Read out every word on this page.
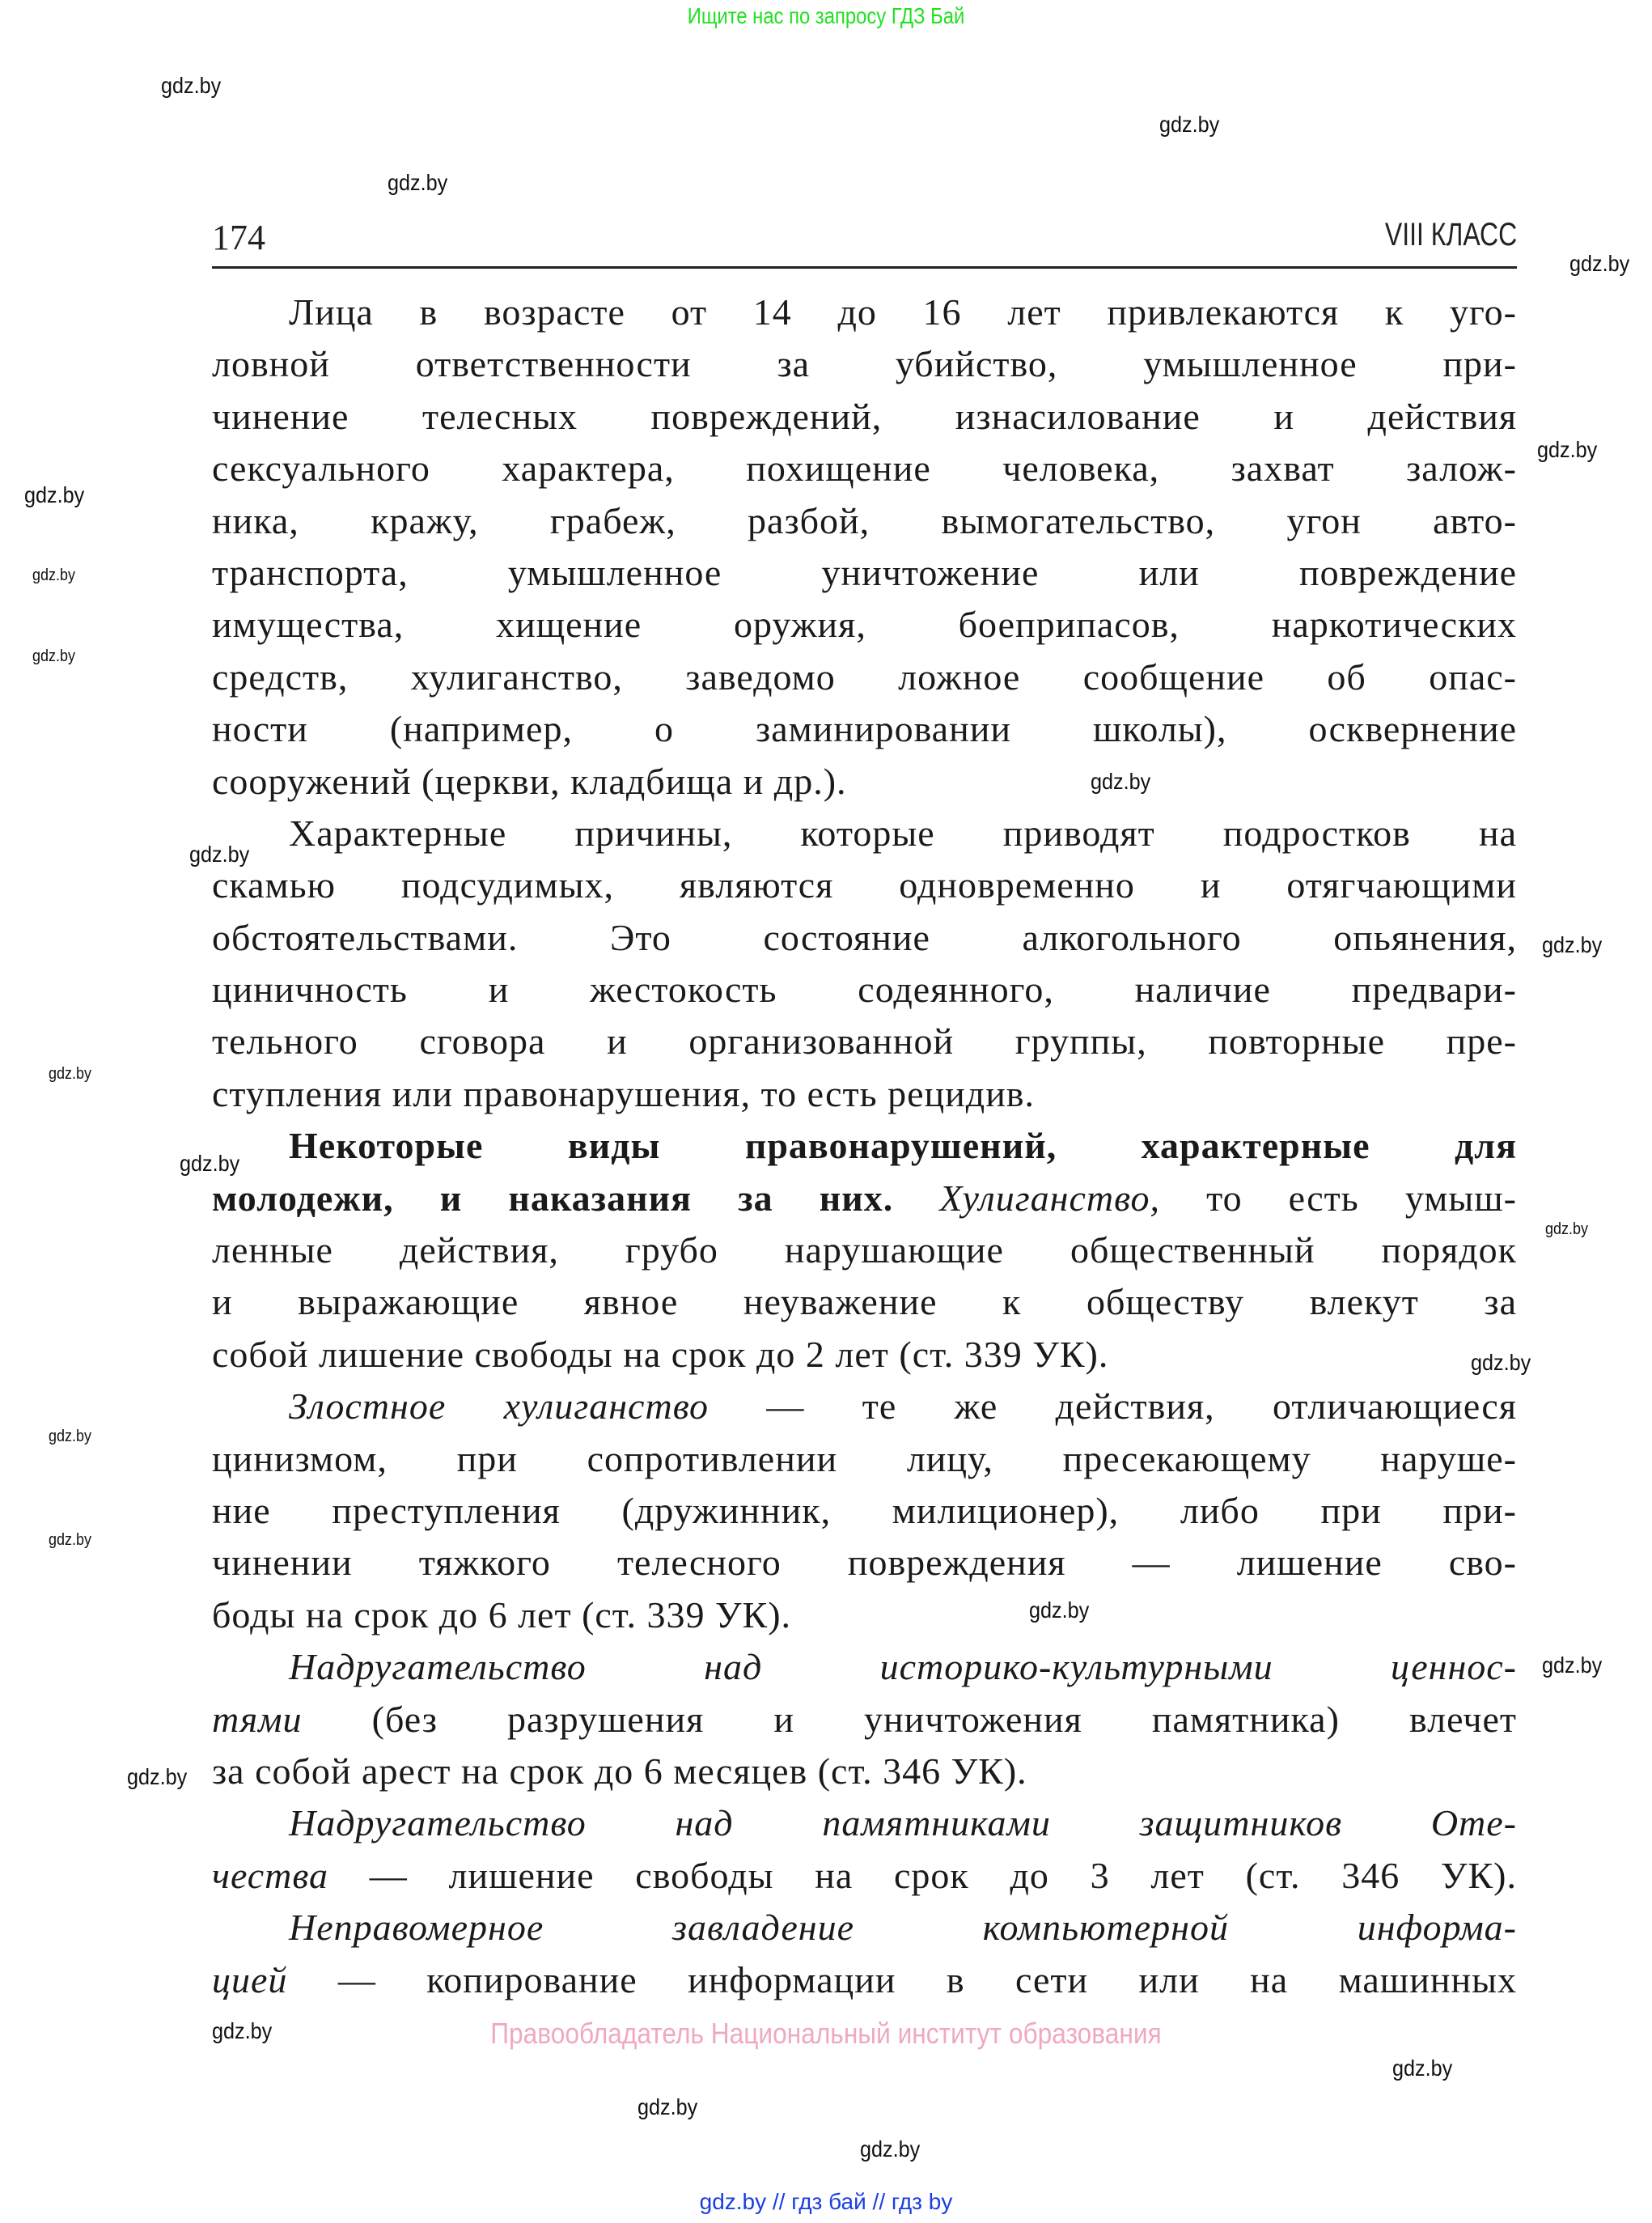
Ищите нас по запросу ГДЗ Бай
gdz.by
gdz.by
gdz.by
gdz.by
gdz.by
gdz.by
gdz.by
gdz.by
gdz.by
gdz.by
gdz.by
gdz.by
gdz.by
gdz.by
gdz.by
gdz.by
gdz.by
gdz.by
gdz.by
gdz.by
gdz.by
gdz.by
gdz.by
gdz.by
174	VIII КЛАСС
Лица в возрасте от 14 до 16 лет привлекаются к уго-
ловной ответственности за убийство, умышленное при-
чинение телесных повреждений, изнасилование и действия
сексуального характера, похищение человека, захват залож-
ника, кражу, грабеж, разбой, вымогательство, угон авто-
транспорта, умышленное уничтожение или повреждение
имущества, хищение оружия, боеприпасов, наркотических
средств, хулиганство, заведомо ложное сообщение об опас-
ности (например, о заминировании школы), осквернение
сооружений (церкви, кладбища и др.).
Характерные причины, которые приводят подростков на
скамью подсудимых, являются одновременно и отягчающими
обстоятельствами. Это состояние алкогольного опьянения,
циничность и жестокость содеянного, наличие предвари-
тельного сговора и организованной группы, повторные пре-
ступления или правонарушения, то есть рецидив.
Некоторые виды правонарушений, характерные для
молодежи, и наказания за них. Хулиганство, то есть умыш-
ленные действия, грубо нарушающие общественный порядок
и выражающие явное неуважение к обществу влекут за
собой лишение свободы на срок до 2 лет (ст. 339 УК).
Злостное хулиганство — те же действия, отличающиеся
цинизмом, при сопротивлении лицу, пресекающему наруше-
ние преступления (дружинник, милиционер), либо при при-
чинении тяжкого телесного повреждения — лишение сво-
боды на срок до 6 лет (ст. 339 УК).
Надругательство над историко-культурными ценнос-
тями (без разрушения и уничтожения памятника) влечет
за собой арест на срок до 6 месяцев (ст. 346 УК).
Надругательство над памятниками защитников Оте-
чества — лишение свободы на срок до 3 лет (ст. 346 УК).
Неправомерное завладение компьютерной информа-
цией — копирование информации в сети или на машинных
Правообладатель Национальный институт образования
gdz.by // гдз бай // гдз by
